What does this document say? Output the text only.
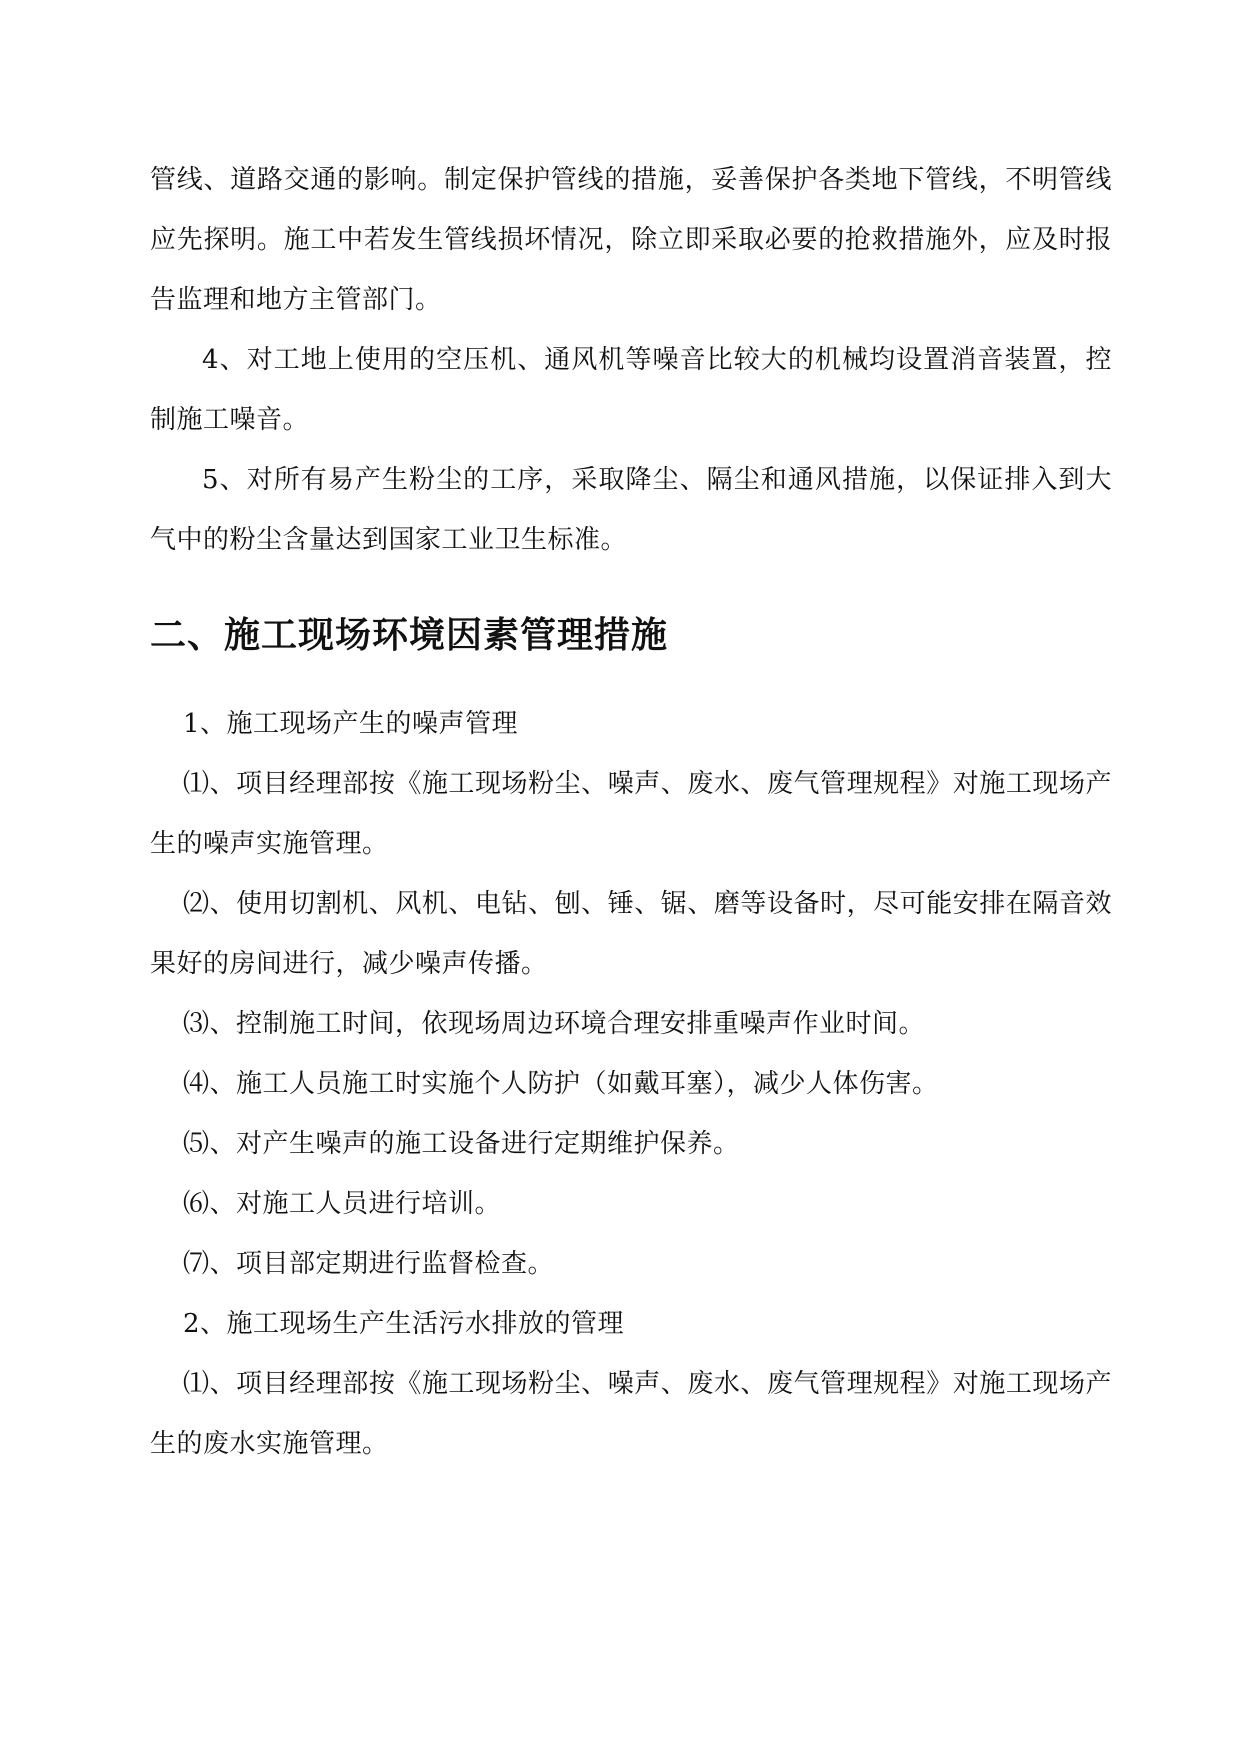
管线、道路交通的影响。制定保护管线的措施，妥善保护各类地下管线，不明管线应先探明。施工中若发生管线损坏情况，除立即采取必要的抢救措施外，应及时报告监理和地方主管部门。

4、对工地上使用的空压机、通风机等噪音比较大的机械均设置消音装置，控制施工噪音。

5、对所有易产生粉尘的工序，采取降尘、隔尘和通风措施，以保证排入到大气中的粉尘含量达到国家工业卫生标准。

二、施工现场环境因素管理措施

1、施工现场产生的噪声管理

⑴、项目经理部按《施工现场粉尘、噪声、废水、废气管理规程》对施工现场产生的噪声实施管理。

⑵、使用切割机、风机、电钻、刨、锤、锯、磨等设备时，尽可能安排在隔音效果好的房间进行，减少噪声传播。

⑶、控制施工时间，依现场周边环境合理安排重噪声作业时间。

⑷、施工人员施工时实施个人防护（如戴耳塞），减少人体伤害。

⑸、对产生噪声的施工设备进行定期维护保养。

⑹、对施工人员进行培训。

⑺、项目部定期进行监督检查。

2、施工现场生产生活污水排放的管理

⑴、项目经理部按《施工现场粉尘、噪声、废水、废气管理规程》对施工现场产生的废水实施管理。
